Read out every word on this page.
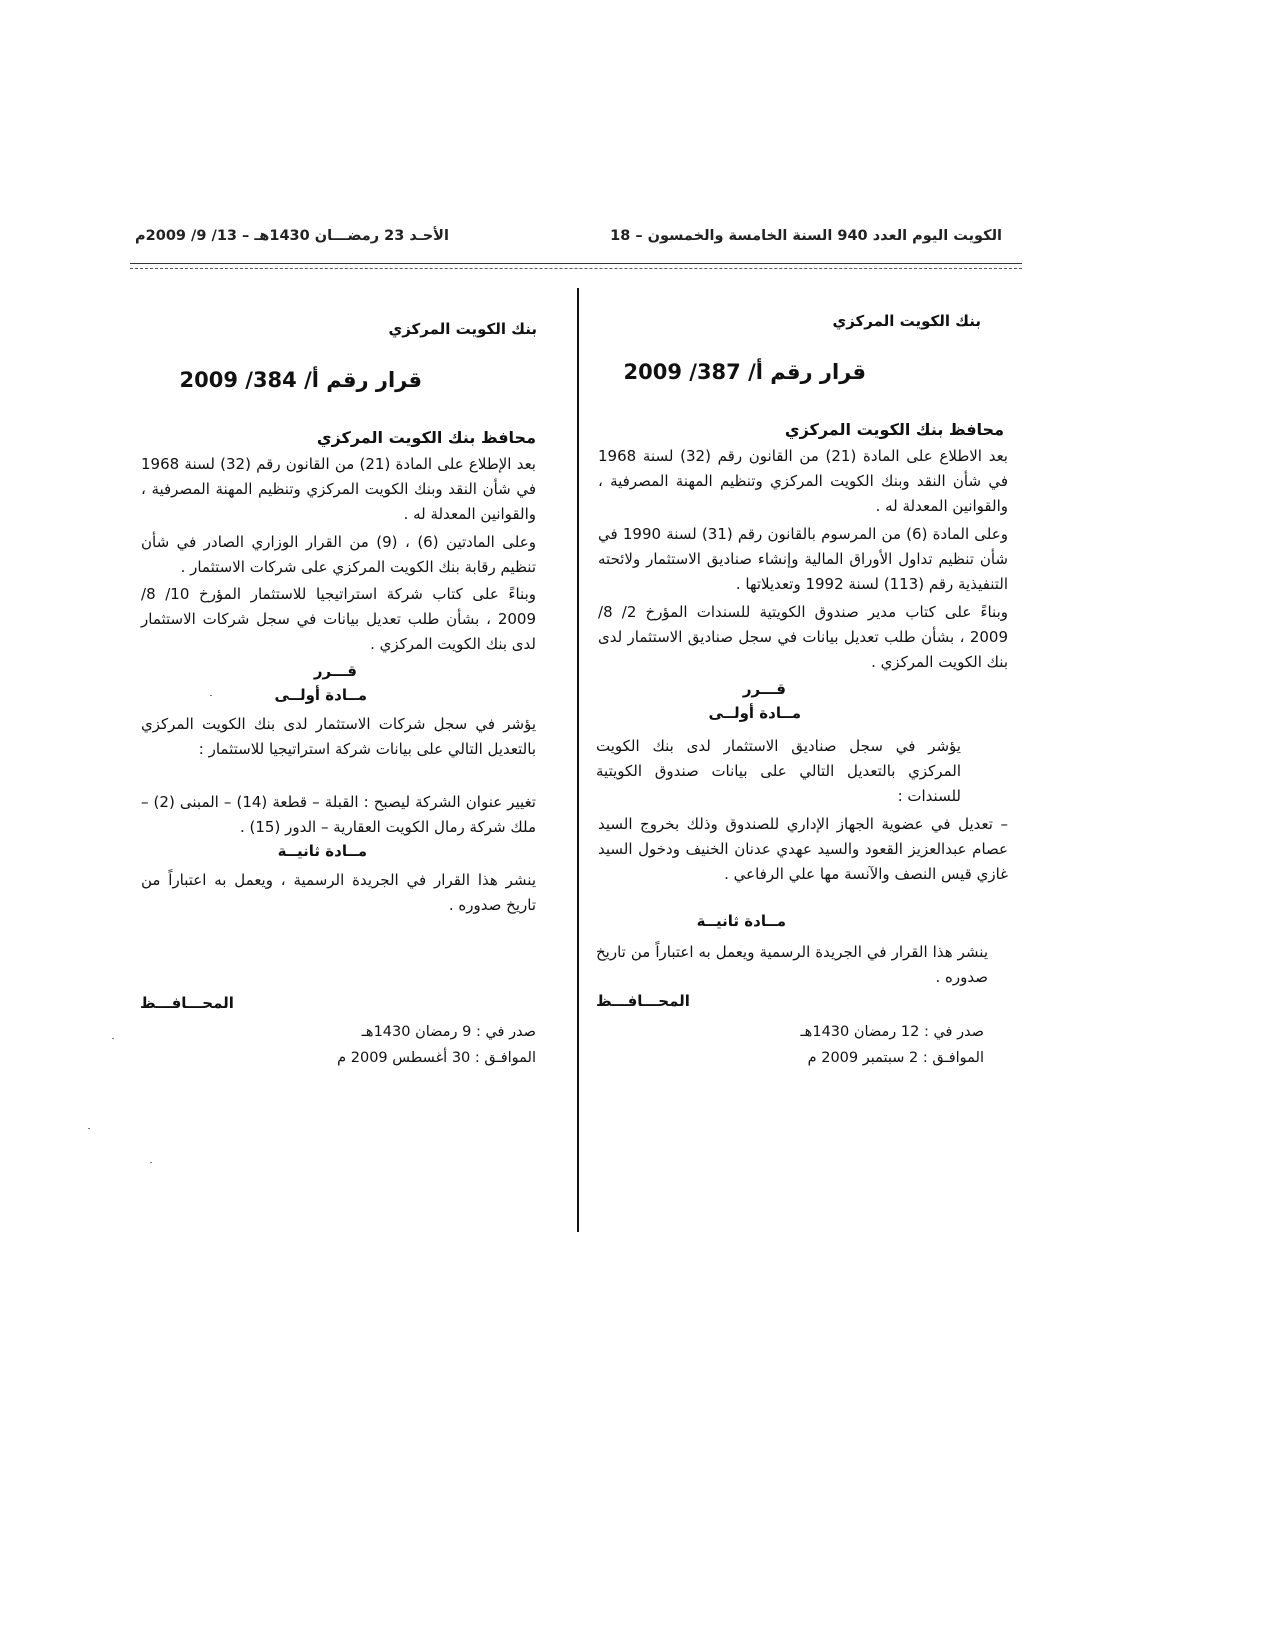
الكويت اليوم العدد 940 السنة الخامسة والخمسون – 18
الأحـد 23 رمضـــان 1430هـ – 13/ 9/ 2009م
بنك الكويت المركزي
قرار رقم أ/ 387/ 2009
محافظ بنك الكويت المركزي
بعد الاطلاع على المادة (21) من القانون رقم (32) لسنة 1968 في شأن النقد وبنك الكويت المركزي وتنظيم المهنة المصرفية ، والقوانين المعدلة له .
وعلى المادة (6) من المرسوم بالقانون رقم (31) لسنة 1990 في شأن تنظيم تداول الأوراق المالية وإنشاء صناديق الاستثمار ولائحته التنفيذية رقم (113) لسنة 1992 وتعديلاتها .
وبناءً على كتاب مدير صندوق الكويتية للسندات المؤرخ 2/ 8/ 2009 ، بشأن طلب تعديل بيانات في سجل صناديق الاستثمار لدى بنك الكويت المركزي .
قـــرر
مــادة أولــى
يؤشر في سجل صناديق الاستثمار لدى بنك الكويت المركزي بالتعديل التالي على بيانات صندوق الكويتية للسندات :
– تعديل في عضوية الجهاز الإداري للصندوق وذلك بخروج السيد عصام عبدالعزيز القعود والسيد عهدي عدنان الخنيف ودخول السيد غازي قيس النصف والآنسة مها علي الرفاعي .
مــادة ثانيــة
ينشر هذا القرار في الجريدة الرسمية ويعمل به اعتباراً من تاريخ صدوره .
المحـــافـــظ
صدر في : 12 رمضان 1430هـ
الموافـق : 2 سبتمبر 2009 م
بنك الكويت المركزي
قرار رقم أ/ 384/ 2009
محافظ بنك الكويت المركزي
بعد الإطلاع على المادة (21) من القانون رقم (32) لسنة 1968 في شأن النقد وبنك الكويت المركزي وتنظيم المهنة المصرفية ، والقوانين المعدلة له .
وعلى المادتين (6) ، (9) من القرار الوزاري الصادر في شأن تنظيم رقابة بنك الكويت المركزي على شركات الاستثمار .
وبناءً على كتاب شركة استراتيجيا للاستثمار المؤرخ 10/ 8/ 2009 ، بشأن طلب تعديل بيانات في سجل شركات الاستثمار لدى بنك الكويت المركزي .
قـــرر
مــادة أولــى
يؤشر في سجل شركات الاستثمار لدى بنك الكويت المركزي بالتعديل التالي على بيانات شركة استراتيجيا للاستثمار :
تغيير عنوان الشركة ليصبح : القبلة – قطعة (14) – المبنى (2) – ملك شركة رمال الكويت العقارية – الدور (15) .
مــادة ثانيــة
ينشر هذا القرار في الجريدة الرسمية ، ويعمل به اعتباراً من تاريخ صدوره .
المحـــافـــظ
صدر في : 9 رمضان 1430هـ
الموافـق : 30 أغسطس 2009 م
